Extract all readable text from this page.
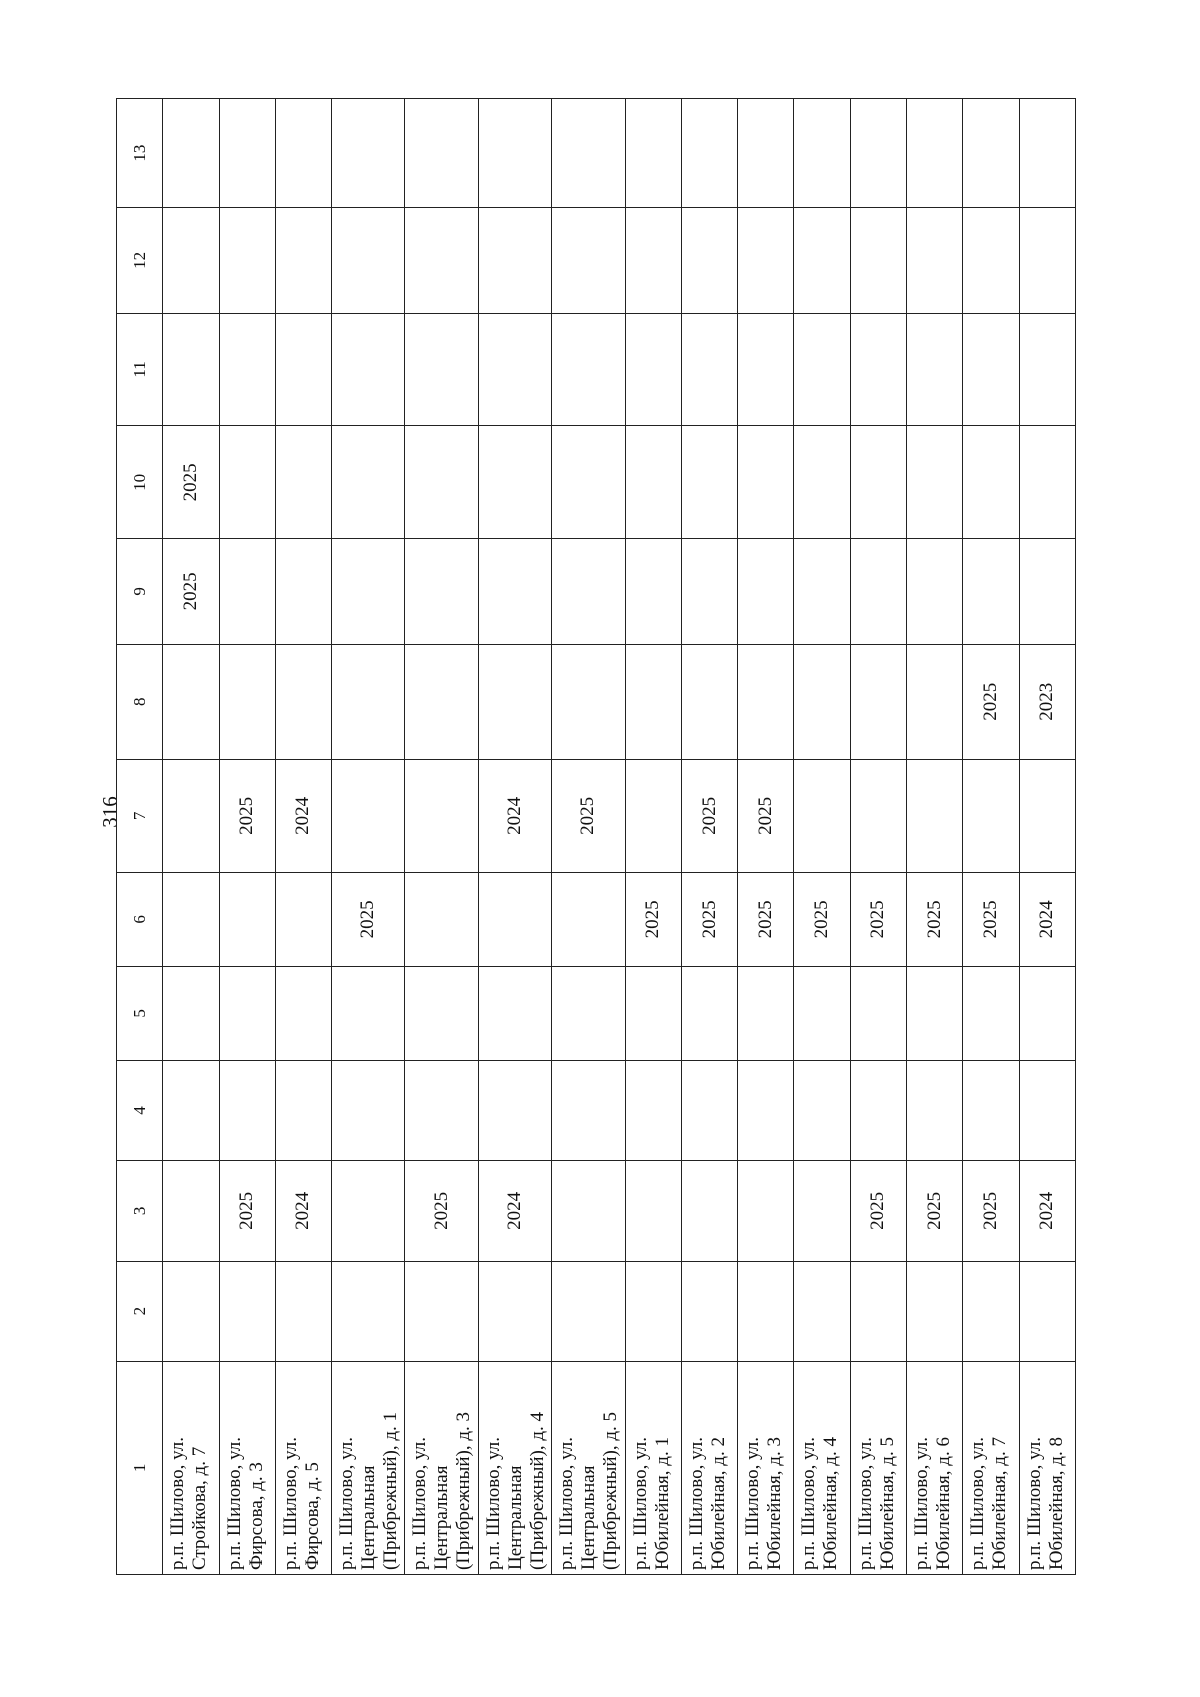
316
1	2	3	4	5	6	7	8	9	10	11	12	13
р.п. Шилово, ул. Стройкова, д. 7								2025	2025			
р.п. Шилово, ул. Фирсова, д. 3		2025				2025						
р.п. Шилово, ул. Фирсова, д. 5		2024				2024						
р.п. Шилово, ул. Центральная (Прибрежный), д. 1					2025							
р.п. Шилово, ул. Центральная (Прибрежный), д. 3		2025										
р.п. Шилово, ул. Центральная (Прибрежный), д. 4		2024				2024						
р.п. Шилово, ул. Центральная (Прибрежный), д. 5						2025						
р.п. Шилово, ул. Юбилейная, д. 1					2025							
р.п. Шилово, ул. Юбилейная, д. 2					2025	2025						
р.п. Шилово, ул. Юбилейная, д. 3					2025	2025						
р.п. Шилово, ул. Юбилейная, д. 4					2025							
р.п. Шилово, ул. Юбилейная, д. 5		2025			2025							
р.п. Шилово, ул. Юбилейная, д. 6		2025			2025							
р.п. Шилово, ул. Юбилейная, д. 7		2025			2025		2025					
р.п. Шилово, ул. Юбилейная, д. 8		2024			2024		2023					
